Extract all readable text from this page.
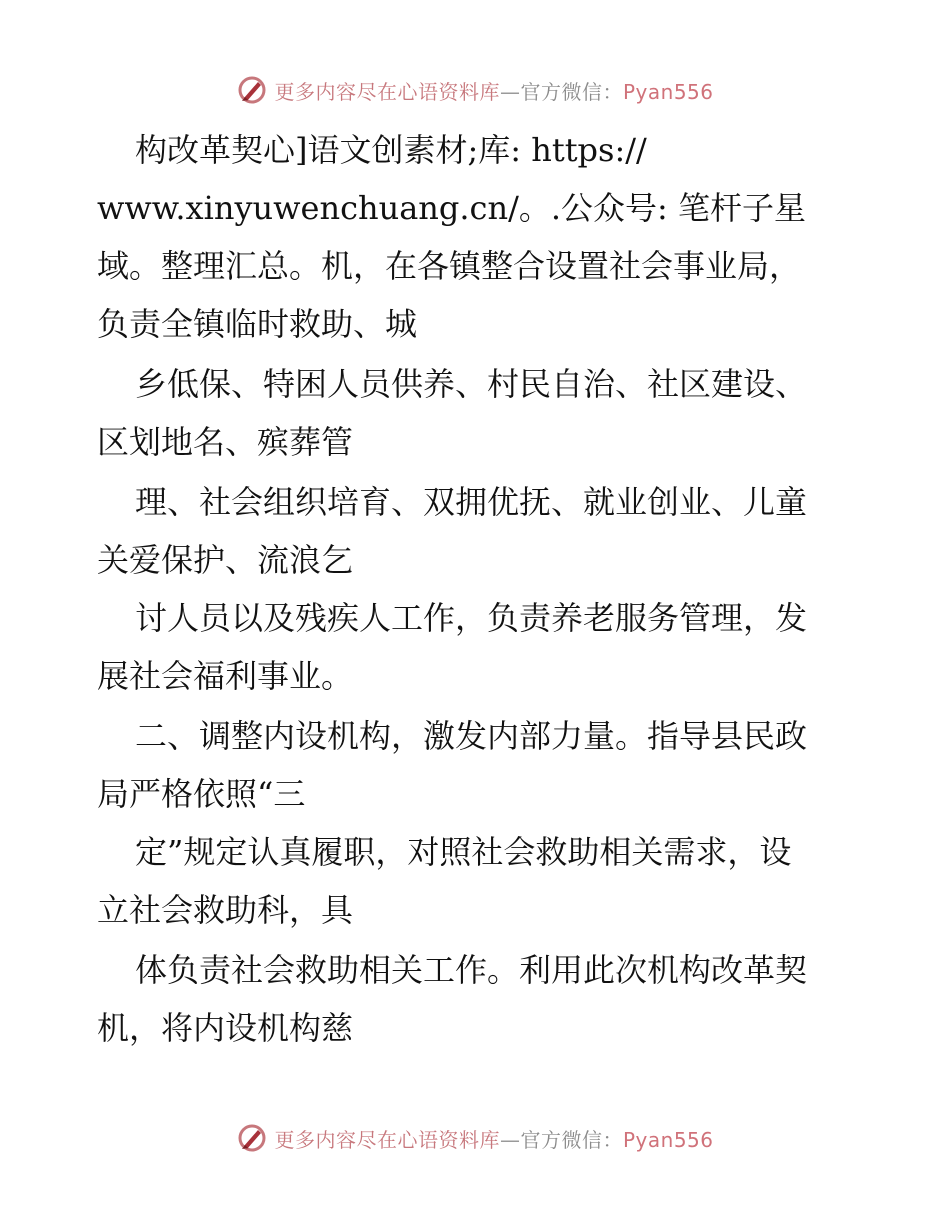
更多内容尽在心语资料库—官方微信：Pyan556
构改革契心]语文创素材;库: https://
www.xinyuwenchuang.cn/。.公众号: 笔杆子星
域。整理汇总。机，在各镇整合设置社会事业局，
负责全镇临时救助、城
乡低保、特困人员供养、村民自治、社区建设、
区划地名、殡葬管
理、社会组织培育、双拥优抚、就业创业、儿童
关爱保护、流浪乞
讨人员以及残疾人工作，负责养老服务管理，发
展社会福利事业。
二、调整内设机构，激发内部力量。指导县民政
局严格依照“三
定”规定认真履职，对照社会救助相关需求，设
立社会救助科，具
体负责社会救助相关工作。利用此次机构改革契
机，将内设机构慈
更多内容尽在心语资料库—官方微信：Pyan556
